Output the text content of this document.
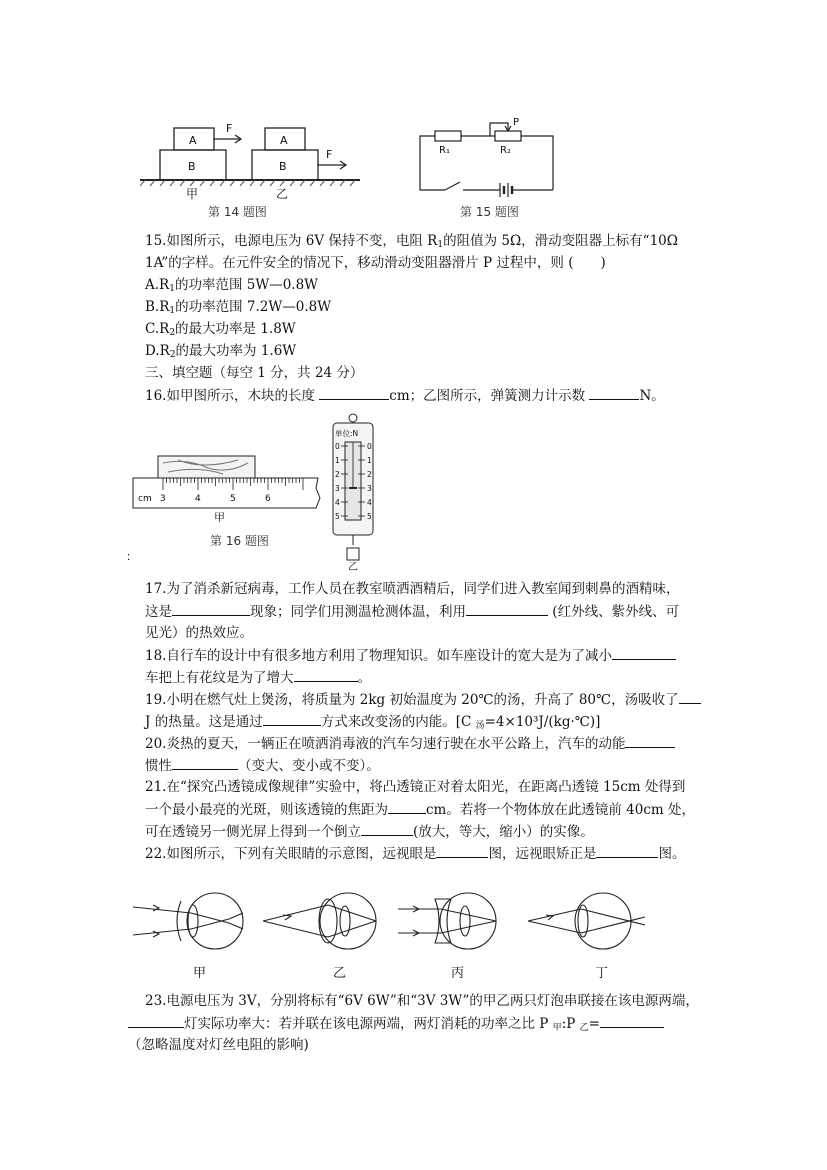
A
B
F
A
B
F
甲	乙
第 14 题图
R₁	R₂
P
第 15 题图
15.如图所示，电源电压为 6V 保持不变，电阻 $R_1$的阻值为 5Ω，滑动变阻器上标有“10Ω
1A”的字样。在元件安全的情况下，移动滑动变阻器滑片 P 过程中，则 (　　)
$A.R_1$的功率范围 5W—0.8W
$B.R_1$的功率范围 7.2W—0.8W
$C.R_2$的最大功率是 1.8W
$D.R_2$的最大功率为 1.6W
三、填空题（每空 1 分，共 24 分）
16.如甲图所示，木块的长度	cm；乙图所示，弹簧测力计示数	N。
cm 3	4	5	6
甲
单位:N
0	0
1	1
2	2
3	3
4	4
5	5
乙
第 16 题图
：
17.为了消杀新冠病毒，工作人员在教室喷洒酒精后，同学们进入教室闻到刺鼻的酒精味，
这是	现象；同学们用测温枪测体温，利用	(红外线、紫外线、可
见光）的热效应。
18.自行车的设计中有很多地方利用了物理知识。如车座设计的宽大是为了减小
车把上有花纹是为了增大	。
19.小明在燃气灶上煲汤，将质量为 2kg 初始温度为 20℃的汤，升高了 80℃，汤吸收了
J 的热量。这是通过	方式来改变汤的内能。[C $_汤$=4×10³J/(kg·℃)]
20.炎热的夏天，一辆正在喷洒消毒液的汽车匀速行驶在水平公路上，汽车的动能
惯性	（变大、变小或不变）。
21.在“探究凸透镜成像规律”实验中，将凸透镜正对着太阳光，在距离凸透镜 15cm 处得到
一个最小最亮的光斑，则该透镜的焦距为	cm。若将一个物体放在此透镜前 40cm 处，
可在透镜另一侧光屏上得到一个倒立	(放大，等大，缩小）的实像。
22.如图所示，下列有关眼睛的示意图，远视眼是	图，远视眼矫正是	图。
甲	乙	丙	丁
23.电源电压为 3V，分别将标有“6V 6W”和“3V 3W”的甲乙两只灯泡串联接在该电源两端，
灯实际功率大：若并联在该电源两端，两灯消耗的功率之比 P $_甲$:P $_乙$=
（忽略温度对灯丝电阻的影响)
